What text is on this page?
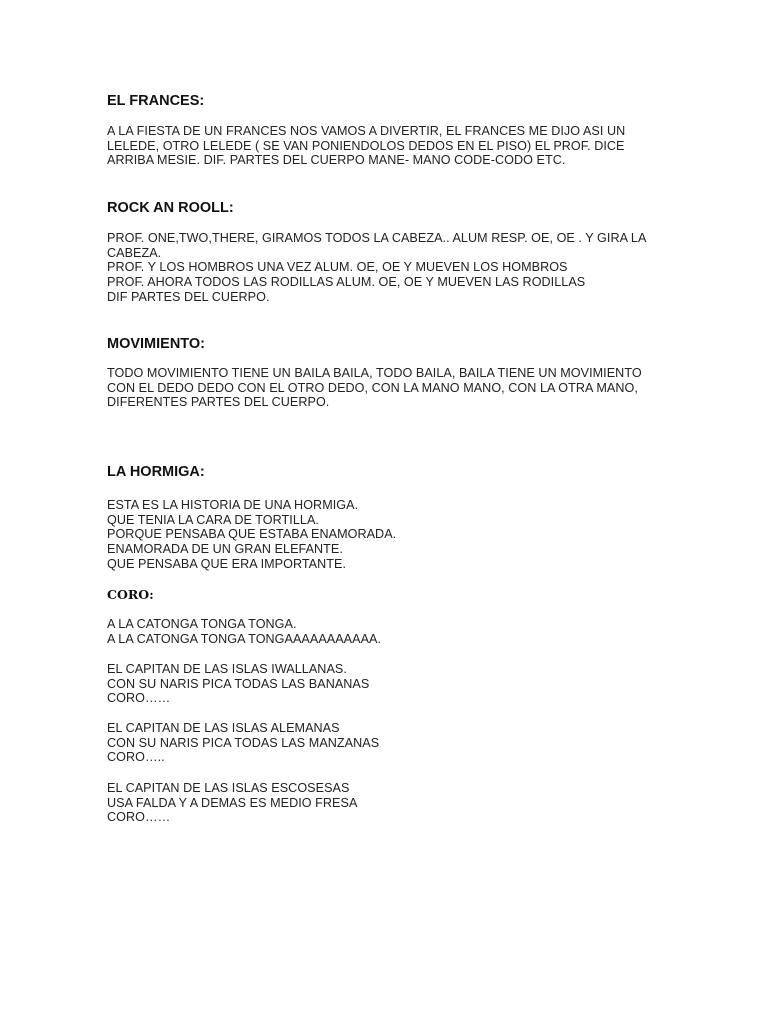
EL FRANCES:
A LA FIESTA DE UN FRANCES NOS VAMOS A DIVERTIR, EL FRANCES ME DIJO ASI UN
LELEDE, OTRO LELEDE ( SE VAN PONIENDOLOS DEDOS EN EL PISO) EL PROF. DICE
ARRIBA MESIE. DIF. PARTES DEL CUERPO MANE- MANO CODE-CODO ETC.
ROCK AN ROOLL:
PROF. ONE,TWO,THERE, GIRAMOS TODOS LA CABEZA.. ALUM RESP. OE, OE . Y GIRA LA
CABEZA.
PROF. Y LOS HOMBROS UNA VEZ ALUM. OE, OE Y MUEVEN LOS HOMBROS
PROF. AHORA TODOS LAS RODILLAS ALUM. OE, OE Y MUEVEN LAS RODILLAS
DIF PARTES DEL CUERPO.
MOVIMIENTO:
TODO MOVIMIENTO TIENE UN BAILA BAILA, TODO BAILA, BAILA TIENE UN MOVIMIENTO
CON EL DEDO DEDO CON EL OTRO DEDO, CON LA MANO MANO, CON LA OTRA MANO,
DIFERENTES PARTES DEL CUERPO.
LA HORMIGA:
ESTA ES LA HISTORIA DE UNA HORMIGA.
QUE TENIA LA CARA DE TORTILLA.
PORQUE PENSABA QUE ESTABA ENAMORADA.
ENAMORADA DE UN GRAN ELEFANTE.
QUE PENSABA QUE ERA IMPORTANTE.
CORO:
A LA CATONGA TONGA TONGA.
A LA CATONGA TONGA TONGAAAAAAAAAAA.
EL CAPITAN DE LAS ISLAS IWALLANAS.
CON SU NARIS PICA TODAS LAS BANANAS
CORO……
EL CAPITAN DE LAS ISLAS ALEMANAS
CON SU NARIS PICA TODAS LAS MANZANAS
CORO…..
EL CAPITAN DE LAS ISLAS ESCOSESAS
USA FALDA Y A DEMAS ES MEDIO FRESA
CORO……
